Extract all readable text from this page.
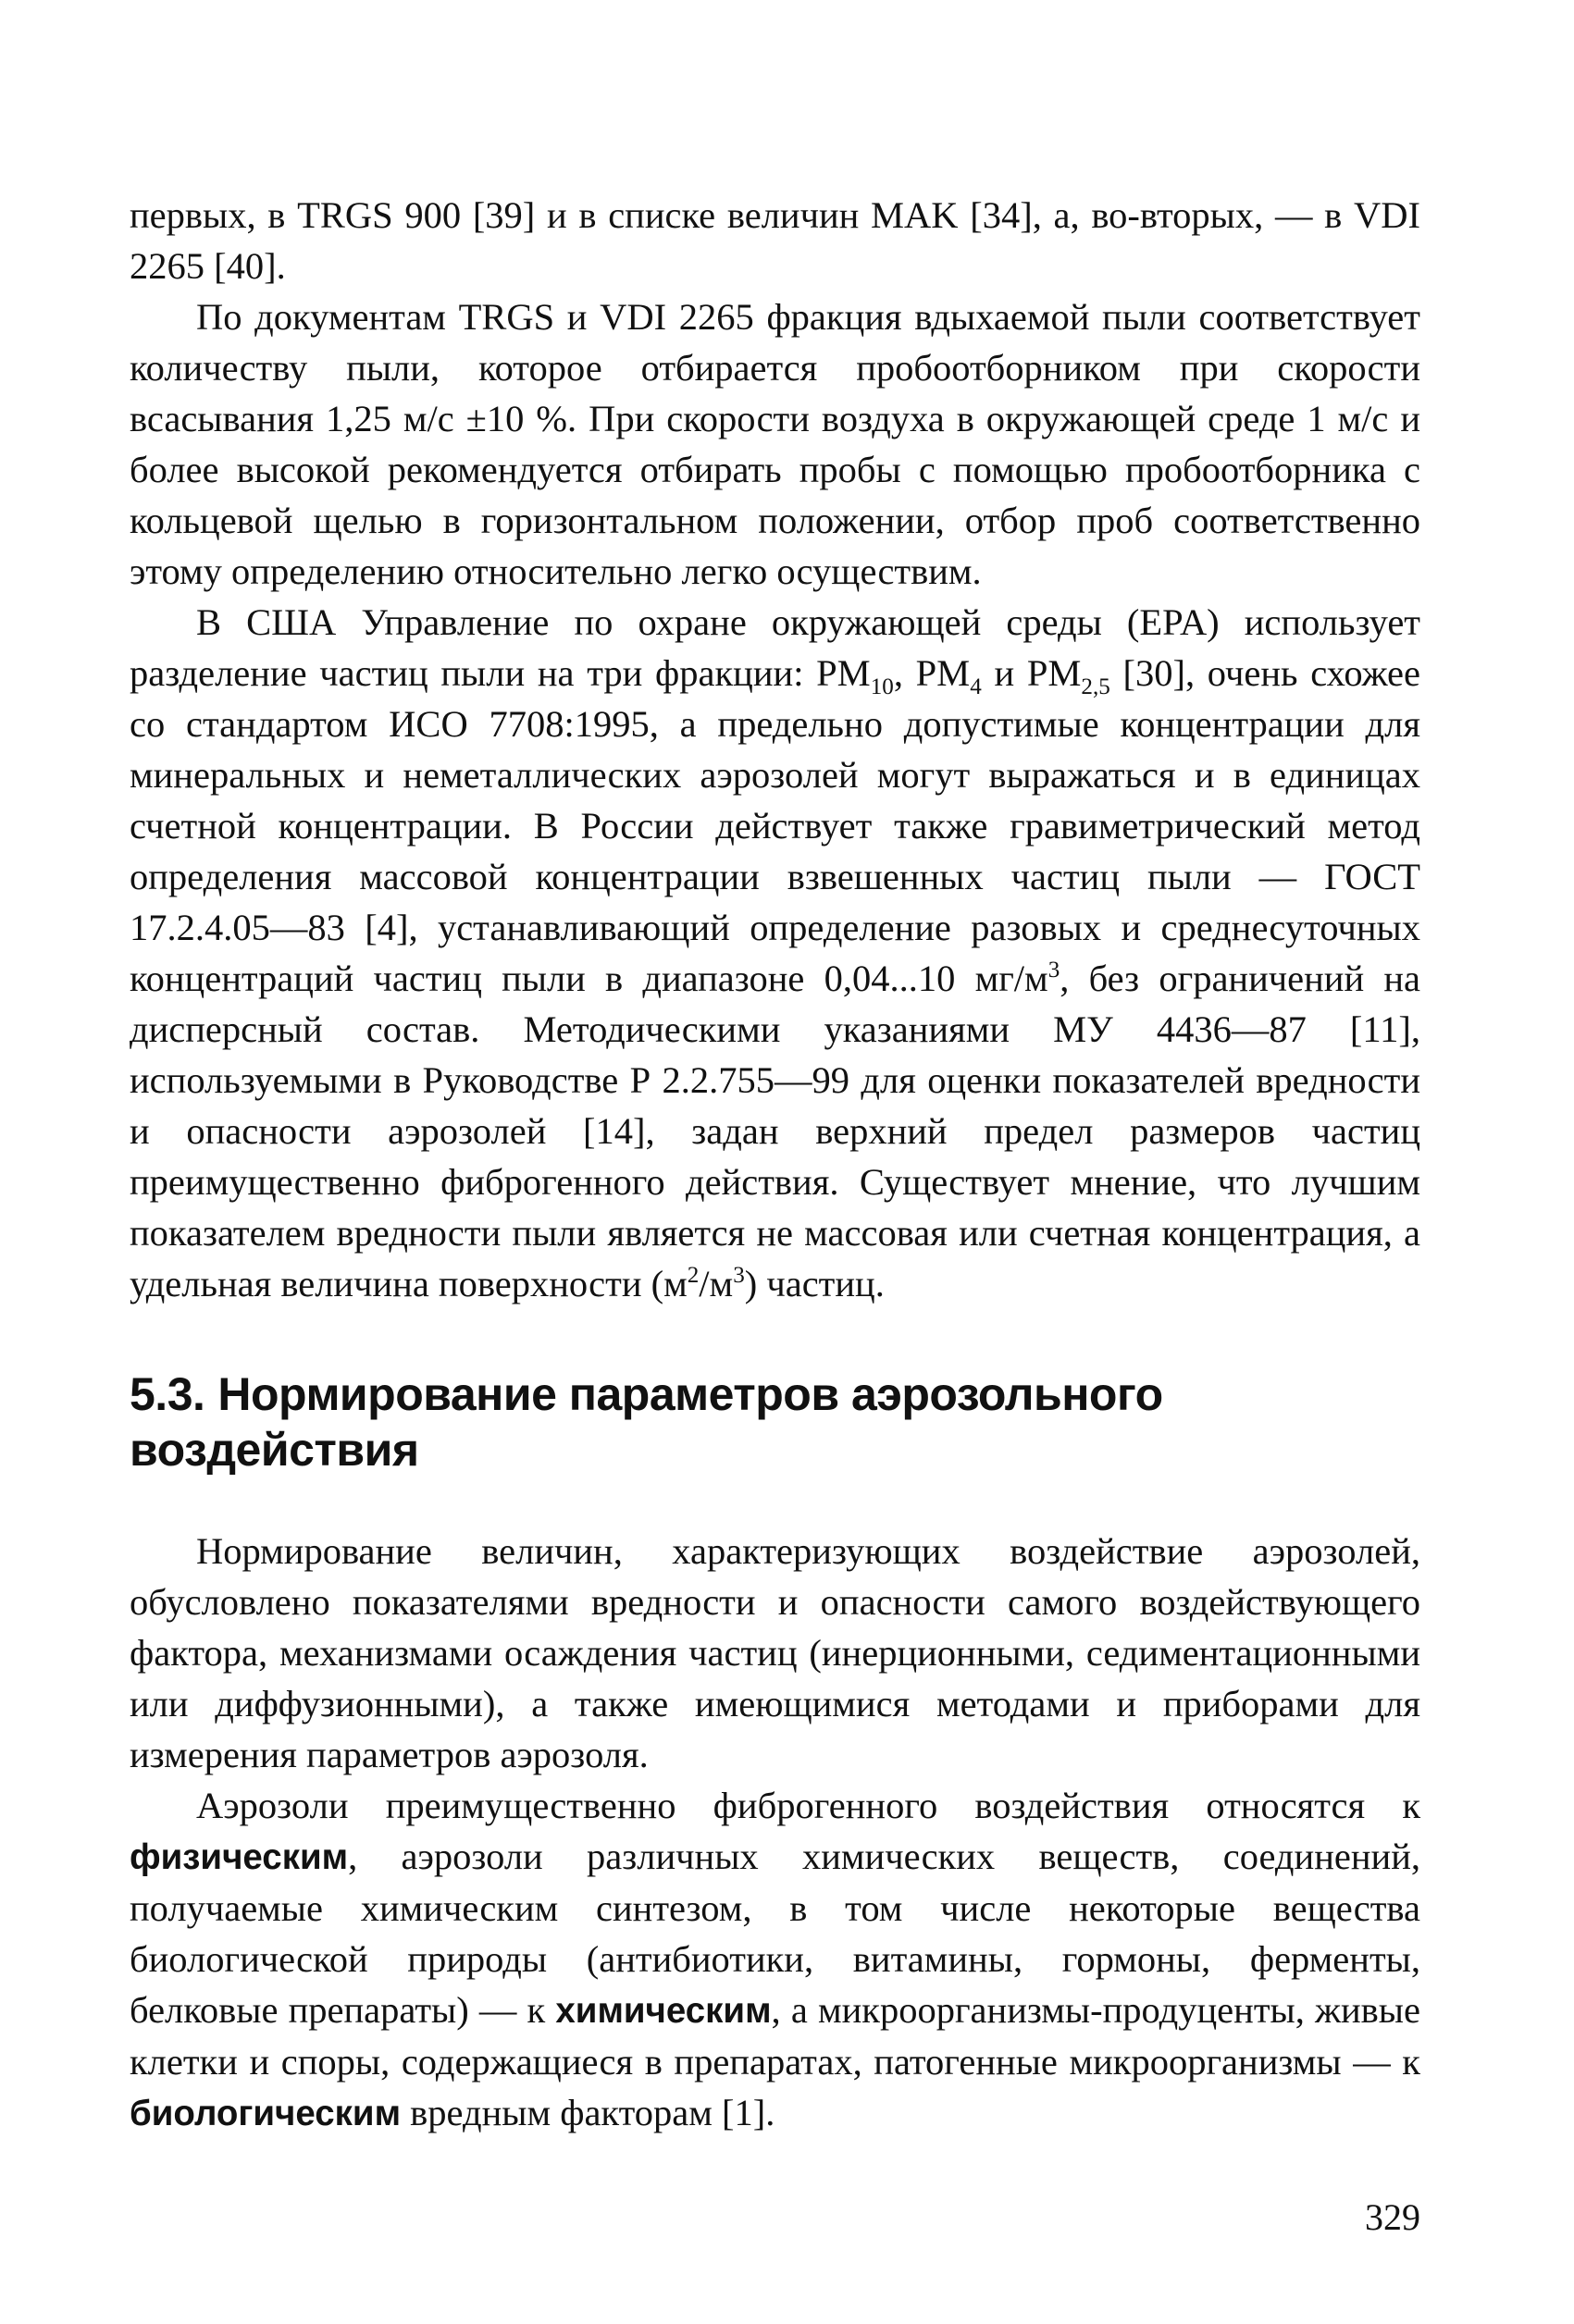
первых, в TRGS 900 [39] и в списке величин MAK [34], а, во-вторых, — в VDI 2265 [40].

По документам TRGS и VDI 2265 фракция вдыхаемой пыли соответствует количеству пыли, которое отбирается пробоотборником при скорости всасывания 1,25 м/с ±10 %. При скорости воздуха в окружающей среде 1 м/с и более высокой рекомендуется отбирать пробы с помощью пробоотборника с кольцевой щелью в горизонтальном положении, отбор проб соответственно этому определению относительно легко осуществим.

В США Управление по охране окружающей среды (EPA) использует разделение частиц пыли на три фракции: $PM_{10}$, $PM_4$ и $PM_{2,5}$ [30], очень схожее со стандартом ИСО 7708:1995, а предельно допустимые концентрации для минеральных и неметаллических аэрозолей могут выражаться и в единицах счетной концентрации. В России действует также гравиметрический метод определения массовой концентрации взвешенных частиц пыли — ГОСТ 17.2.4.05—83 [4], устанавливающий определение разовых и среднесуточных концентраций частиц пыли в диапазоне 0,04...10 $мг/м^3$, без ограничений на дисперсный состав. Методическими указаниями МУ 4436—87 [11], используемыми в Руководстве Р 2.2.755—99 для оценки показателей вредности и опасности аэрозолей [14], задан верхний предел размеров частиц преимущественно фиброгенного действия. Существует мнение, что лучшим показателем вредности пыли является не массовая или счетная концентрация, а удельная величина поверхности $(м^2/м^3)$ частиц.

5.3. Нормирование параметров аэрозольного воздействия

Нормирование величин, характеризующих воздействие аэрозолей, обусловлено показателями вредности и опасности самого воздействующего фактора, механизмами осаждения частиц (инерционными, седиментационными или диффузионными), а также имеющимися методами и приборами для измерения параметров аэрозоля.

Аэрозоли преимущественно фиброгенного воздействия относятся к физическим, аэрозоли различных химических веществ, соединений, получаемые химическим синтезом, в том числе некоторые вещества биологической природы (антибиотики, витамины, гормоны, ферменты, белковые препараты) — к химическим, а микроорганизмы-продуценты, живые клетки и споры, содержащиеся в препаратах, патогенные микроорганизмы — к биологическим вредным факторам [1].

329
